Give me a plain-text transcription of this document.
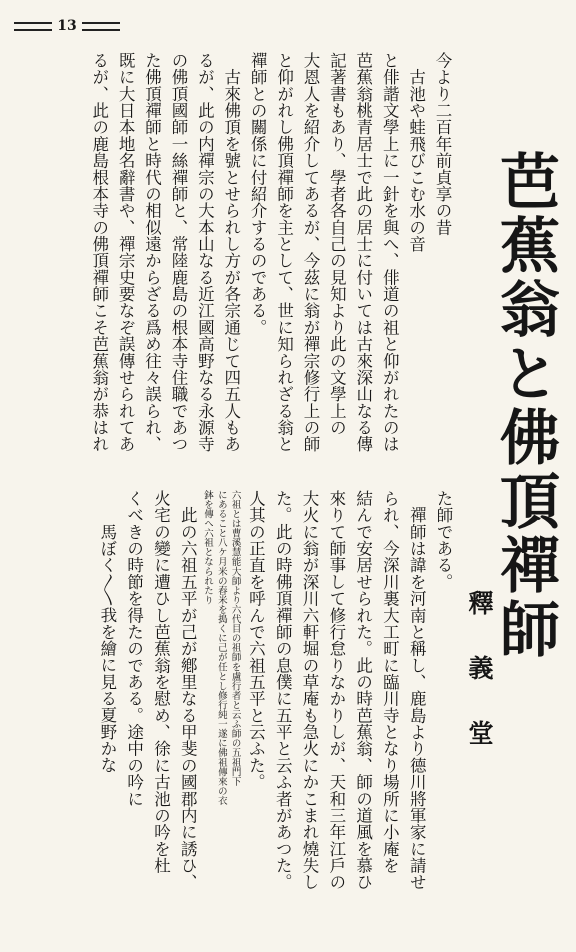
13
芭蕉翁と佛頂禪師
釋義堂

今より二百年前貞享の昔

　古池や蛙飛びこむ水の音

と俳諧文學上に一針を與へ、俳道の祖と仰がれたのは

芭蕉翁桃青居士で此の居士に付いては古來深山なる傳

記著書もあり、學者各自己の見知より此の文學上の

大恩人を紹介してあるが、今茲に翁が禪宗修行上の師

と仰がれし佛頂禪師を主として、世に知られざる翁と

禪師との關係に付紹介するのである。

　古來佛頂を號とせられし方が各宗通じて四五人もあ

るが、此の内禪宗の大本山なる近江國高野なる永源寺

の佛頂國師一絲禪師と、常陸鹿島の根本寺住職であつ

た佛頂禪師と時代の相似遠からざる爲め往々誤られ、

既に大日本地名辭書や、禪宗史要なぞ誤傳せられてあ

るが、此の鹿島根本寺の佛頂禪師こそ芭蕉翁が恭はれ

た師である。

　禪師は諱を河南と稱し、鹿島より德川將軍家に請せ

られ、今深川裏大工町に臨川寺となり場所に小庵を

結んで安居せられた。此の時芭蕉翁、師の道風を慕ひ

來りて師事して修行怠りなかりしが、天和三年江戶の

大火に翁が深川六軒堀の草庵も急火にかこまれ燒失し

た。此の時佛頂禪師の息僕に五平と云ふ者があつた。

人其の正直を呼んで六祖五平と云ふた。

六祖とは曹溪慧能大師より六代目の祖師を盧行者と云ふ師の五祖門下

にあること八ケ月米の舂米を搗くに己が任とし修行純一遂に佛祖傳來の衣

鉢を傳へ六祖となられたり

　此の六祖五平が己が鄕里なる甲斐の國郡内に誘ひ、

火宅の變に遭ひし芭蕉翁を慰め、徐に古池の吟を杜

くべきの時節を得たのである。途中の吟に

　　馬ぼく〳〵我を繪に見る夏野かな
